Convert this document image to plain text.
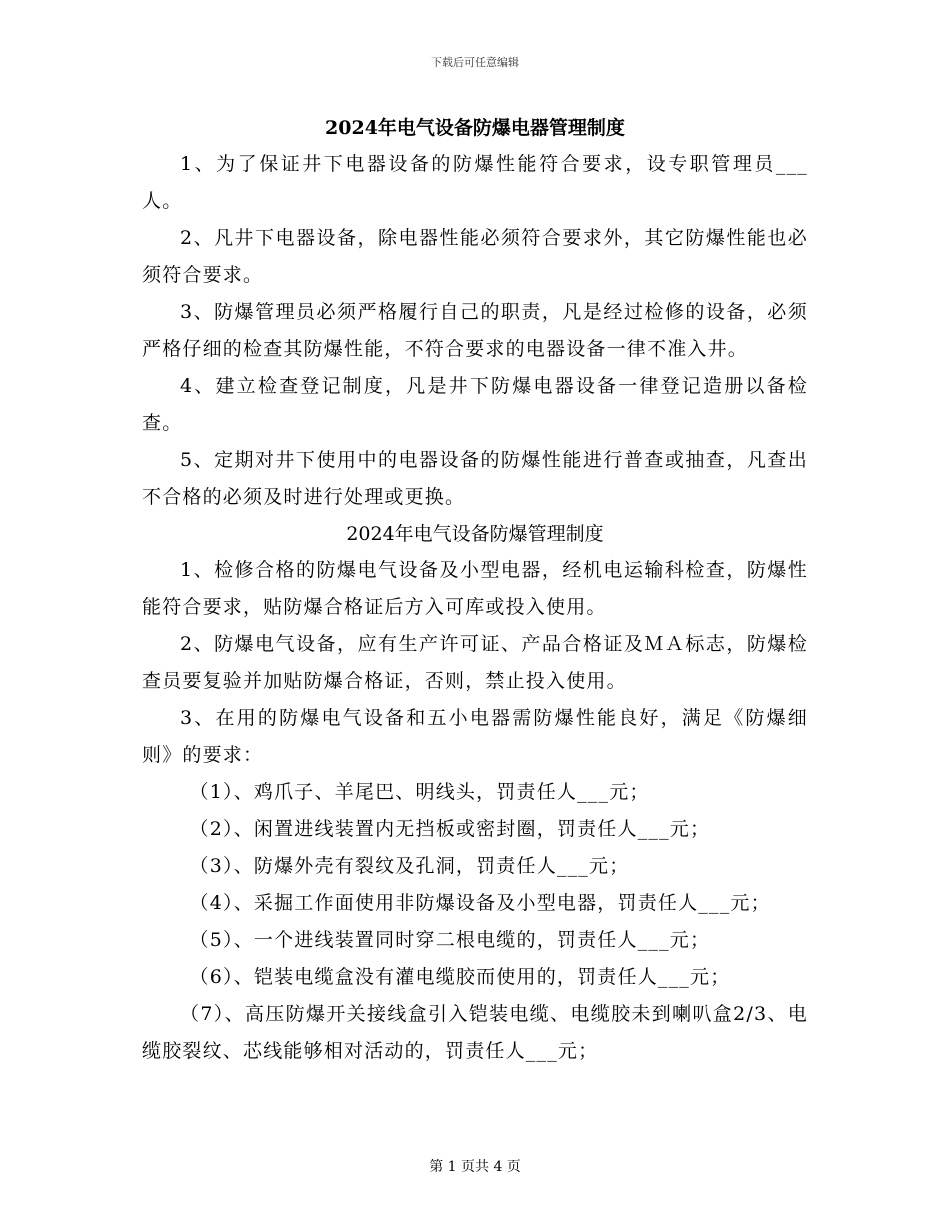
下载后可任意编辑
2024年电气设备防爆电器管理制度

1、为了保证井下电器设备的防爆性能符合要求，设专职管理员___人。

2、凡井下电器设备，除电器性能必须符合要求外，其它防爆性能也必须符合要求。

3、防爆管理员必须严格履行自己的职责，凡是经过检修的设备，必须严格仔细的检查其防爆性能，不符合要求的电器设备一律不准入井。

4、建立检查登记制度，凡是井下防爆电器设备一律登记造册以备检查。

5、定期对井下使用中的电器设备的防爆性能进行普查或抽查，凡查出不合格的必须及时进行处理或更换。

2024年电气设备防爆管理制度

1、检修合格的防爆电气设备及小型电器，经机电运输科检查，防爆性能符合要求，贴防爆合格证后方入可库或投入使用。

2、防爆电气设备，应有生产许可证、产品合格证及ＭＡ标志，防爆检查员要复验并加贴防爆合格证，否则，禁止投入使用。

3、在用的防爆电气设备和五小电器需防爆性能良好，满足《防爆细则》的要求：

（1）、鸡爪子、羊尾巴、明线头，罚责任人___元；

（2）、闲置进线装置内无挡板或密封圈，罚责任人___元；

（3）、防爆外壳有裂纹及孔洞，罚责任人___元；

（4）、采掘工作面使用非防爆设备及小型电器，罚责任人___元；

（5）、一个进线装置同时穿二根电缆的，罚责任人___元；

（6）、铠装电缆盒没有灌电缆胶而使用的，罚责任人___元；

（7）、高压防爆开关接线盒引入铠装电缆、电缆胶未到喇叭盒2/3、电缆胶裂纹、芯线能够相对活动的，罚责任人___元；

第 1 页共 4 页
